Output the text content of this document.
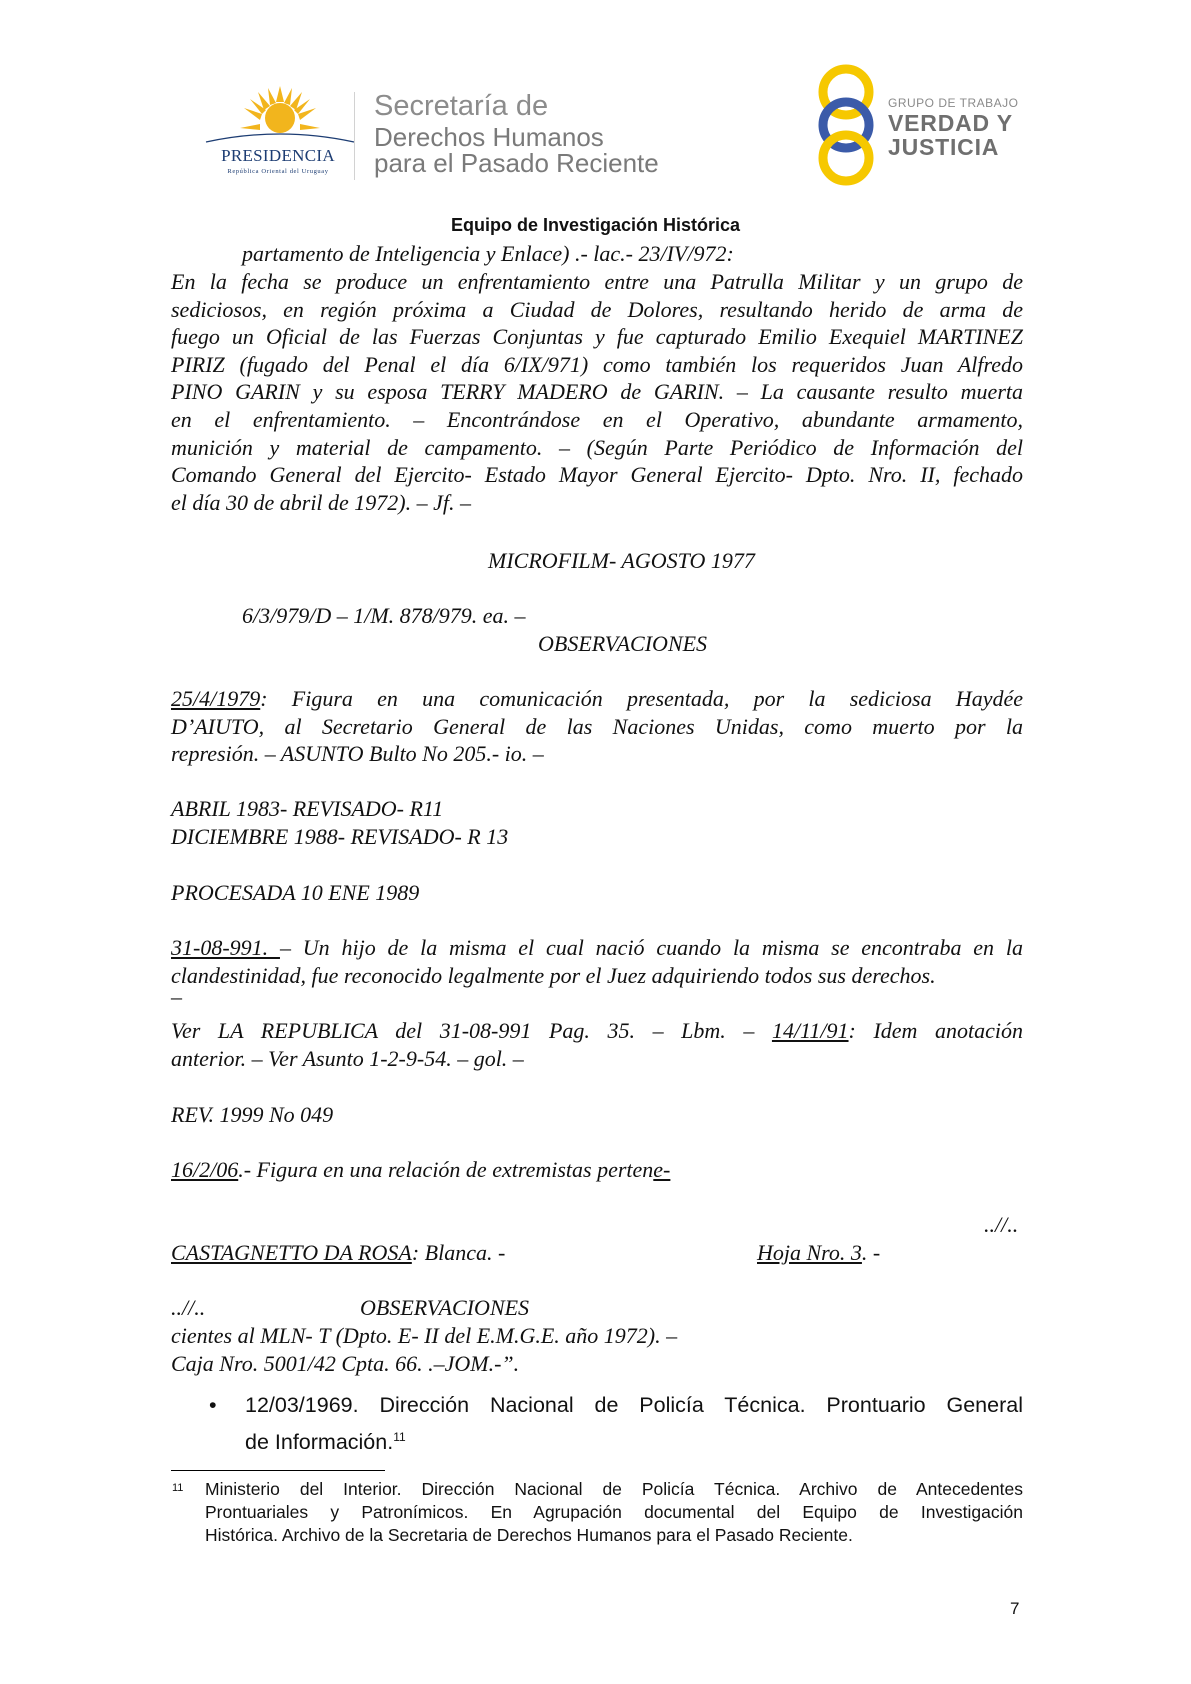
PRESIDENCIA
República Oriental del Uruguay
Secretaría de
Derechos Humanos
para el Pasado Reciente
GRUPO DE TRABAJO
VERDAD Y
JUSTICIA
Equipo de Investigación Histórica
partamento de Inteligencia y Enlace) .- lac.- 23/IV/972:
En la fecha se produce un enfrentamiento entre una Patrulla Militar y un grupo de
sediciosos, en región próxima a Ciudad de Dolores, resultando herido de arma de
fuego un Oficial de las Fuerzas Conjuntas y fue capturado Emilio Exequiel MARTINEZ
PIRIZ (fugado del Penal el día 6/IX/971) como también los requeridos Juan Alfredo
PINO GARIN y su esposa TERRY MADERO de GARIN. – La causante resulto muerta
en el enfrentamiento. – Encontrándose en el Operativo, abundante armamento,
munición y material de campamento. – (Según Parte Periódico de Información del
Comando General del Ejercito- Estado Mayor General Ejercito- Dpto. Nro. II, fechado
el día 30 de abril de 1972). – Jf. –
MICROFILM- AGOSTO 1977
6/3/979/D – 1/M. 878/979. ea. –
OBSERVACIONES
25/4/1979: Figura en una comunicación presentada, por la sediciosa Haydée
D’AIUTO, al Secretario General de las Naciones Unidas, como muerto por la
represión. – ASUNTO Bulto No 205.- io. –
ABRIL 1983- REVISADO- R11
DICIEMBRE 1988- REVISADO- R 13
PROCESADA 10 ENE 1989
31-08-991. – Un hijo de la misma el cual nació cuando la misma se encontraba en la
clandestinidad, fue reconocido legalmente por el Juez adquiriendo todos sus derechos.
–
Ver LA REPUBLICA del 31-08-991 Pag. 35. – Lbm. – 14/11/91: Idem anotación
anterior. – Ver Asunto 1-2-9-54. – gol. –
REV. 1999 No 049
16/2/06.- Figura en una relación de extremistas pertene-
..//..
CASTAGNETTO DA ROSA: Blanca. -	Hoja Nro. 3. -
..//..	OBSERVACIONES
cientes al MLN- T (Dpto. E- II del E.M.G.E. año 1972). –
Caja Nro. 5001/42 Cpta. 66. .–JOM.-”.
• 12/03/1969. Dirección Nacional de Policía Técnica. Prontuario General
de Información.$^{11}$
11 Ministerio del Interior. Dirección Nacional de Policía Técnica. Archivo de Antecedentes
Prontuariales y Patronímicos. En Agrupación documental del Equipo de Investigación
Histórica. Archivo de la Secretaria de Derechos Humanos para el Pasado Reciente.
7
